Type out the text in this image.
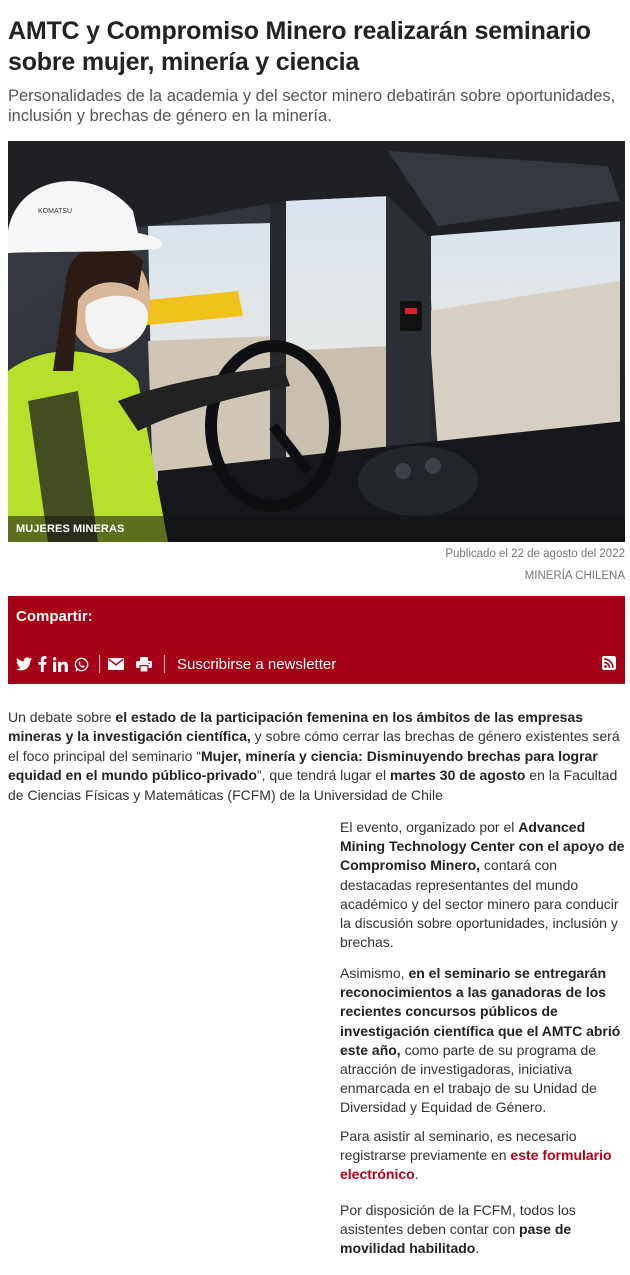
AMTC y Compromiso Minero realizarán seminario sobre mujer, minería y ciencia
Personalidades de la academia y del sector minero debatirán sobre oportunidades, inclusión y brechas de género en la minería.
KOMATSU
MUJERES MINERAS
Publicado el 22 de agosto del 2022
MINERÍA CHILENA
Compartir:
Suscribirse a newsletter

Un debate sobre el estado de la participación femenina en los ámbitos de las empresas mineras y la investigación científica, y sobre cómo cerrar las brechas de género existentes será el foco principal del seminario “Mujer, minería y ciencia: Disminuyendo brechas para lograr equidad en el mundo público-privado”, que tendrá lugar el martes 30 de agosto en la Facultad de Ciencias Físicas y Matemáticas (FCFM) de la Universidad de Chile

El evento, organizado por el Advanced Mining Technology Center con el apoyo de Compromiso Minero, contará con destacadas representantes del mundo académico y del sector minero para conducir la discusión sobre oportunidades, inclusión y brechas.

Asimismo, en el seminario se entregarán reconocimientos a las ganadoras de los recientes concursos públicos de investigación científica que el AMTC abrió este año, como parte de su programa de atracción de investigadoras, iniciativa enmarcada en el trabajo de su Unidad de Diversidad y Equidad de Género.

Para asistir al seminario, es necesario registrarse previamente en este formulario electrónico.

Por disposición de la FCFM, todos los asistentes deben contar con pase de movilidad habilitado.
